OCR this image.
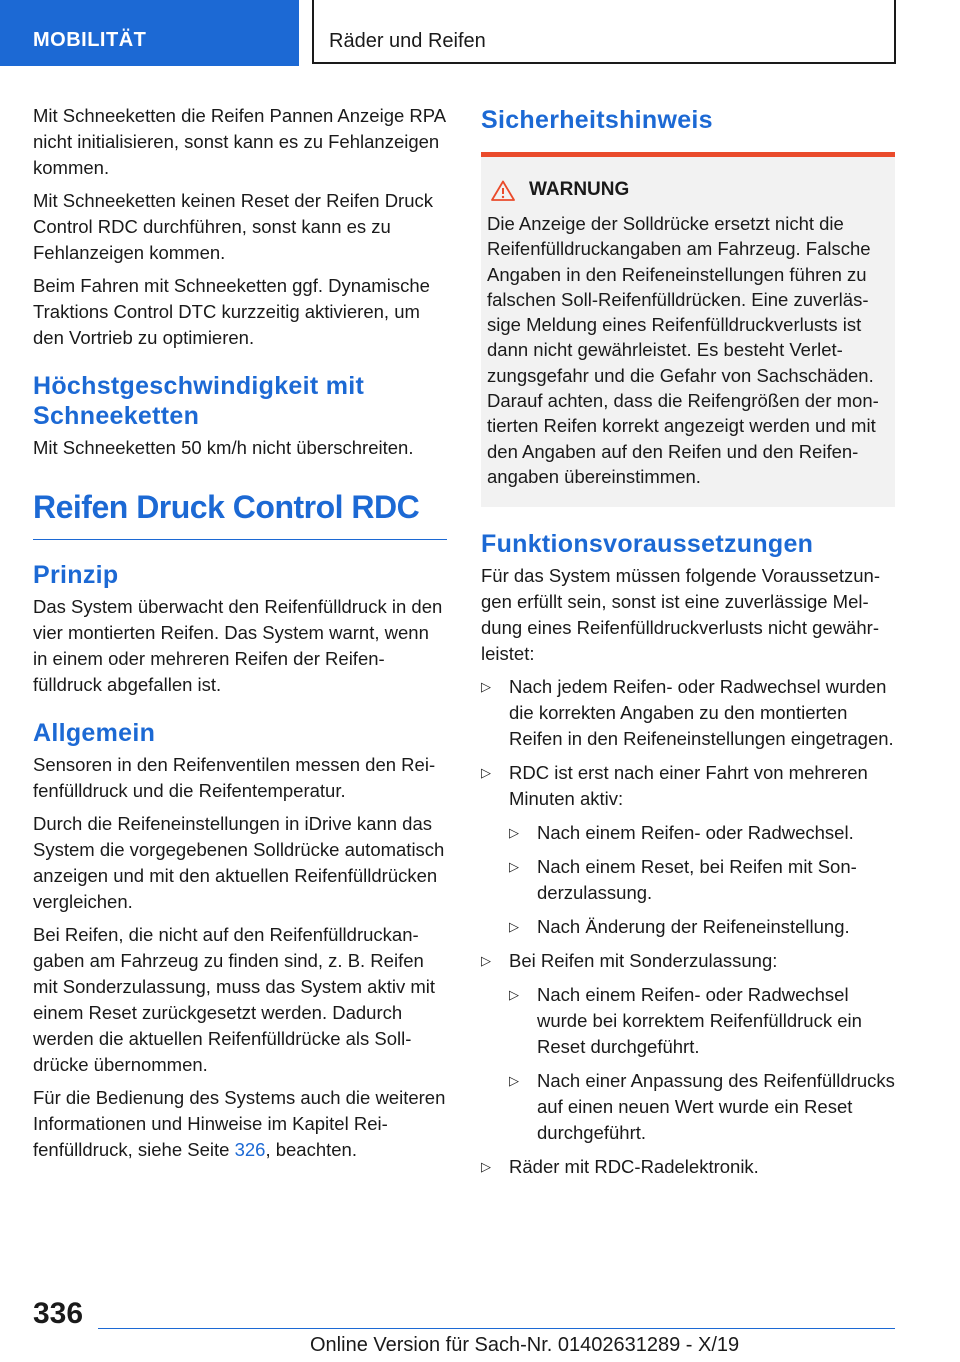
MOBILITÄT	Räder und Reifen

Mit Schneeketten die Reifen Pannen Anzeige RPA nicht initialisieren, sonst kann es zu Fehlanzeigen kommen.

Mit Schneeketten keinen Reset der Reifen Druck Control RDC durchführen, sonst kann es zu Fehlanzeigen kommen.

Beim Fahren mit Schneeketten ggf. Dynamische Traktions Control DTC kurzzeitig aktivieren, um den Vortrieb zu optimieren.

Höchstgeschwindigkeit mit Schneeketten

Mit Schneeketten 50 km/h nicht überschreiten.

Reifen Druck Control RDC
Prinzip

Das System überwacht den Reifenfülldruck in den vier montierten Reifen. Das System warnt, wenn in einem oder mehreren Reifen der Reifenfülldruck abgefallen ist.

Allgemein

Sensoren in den Reifenventilen messen den Reifenfülldruck und die Reifentemperatur.

Durch die Reifeneinstellungen in iDrive kann das System die vorgegebenen Solldrücke automatisch anzeigen und mit den aktuellen Reifenfülldrücken vergleichen.

Bei Reifen, die nicht auf den Reifenfülldruckangaben am Fahrzeug zu finden sind, z. B. Reifen mit Sonderzulassung, muss das System aktiv mit einem Reset zurückgesetzt werden. Dadurch werden die aktuellen Reifenfülldrücke als Solldrücke übernommen.

Für die Bedienung des Systems auch die weiteren Informationen und Hinweise im Kapitel Reifenfülldruck, siehe Seite 326, beachten.

Sicherheitshinweis
WARNUNG

Die Anzeige der Solldrücke ersetzt nicht die Reifenfülldruckangaben am Fahrzeug. Falsche Angaben in den Reifeneinstellungen führen zu falschen Soll-Reifenfülldrücken. Eine zuverlässige Meldung eines Reifenfülldruckverlusts ist dann nicht gewährleistet. Es besteht Verletzungsgefahr und die Gefahr von Sachschäden. Darauf achten, dass die Reifengrößen der montierten Reifen korrekt angezeigt werden und mit den Angaben auf den Reifen und den Reifenangaben übereinstimmen.

Funktionsvoraussetzungen

Für das System müssen folgende Voraussetzungen erfüllt sein, sonst ist eine zuverlässige Meldung eines Reifenfülldruckverlusts nicht gewährleistet:

▷ Nach jedem Reifen- oder Radwechsel wurden die korrekten Angaben zu den montierten Reifen in den Reifeneinstellungen eingetragen.
▷ RDC ist erst nach einer Fahrt von mehreren Minuten aktiv:
▷ Nach einem Reifen- oder Radwechsel.
▷ Nach einem Reset, bei Reifen mit Sonderzulassung.
▷ Nach Änderung der Reifeneinstellung.
▷ Bei Reifen mit Sonderzulassung:
▷ Nach einem Reifen- oder Radwechsel wurde bei korrektem Reifenfülldruck ein Reset durchgeführt.
▷ Nach einer Anpassung des Reifenfülldrucks auf einen neuen Wert wurde ein Reset durchgeführt.
▷ Räder mit RDC-Radelektronik.
336
Online Version für Sach-Nr. 01402631289 - X/19
